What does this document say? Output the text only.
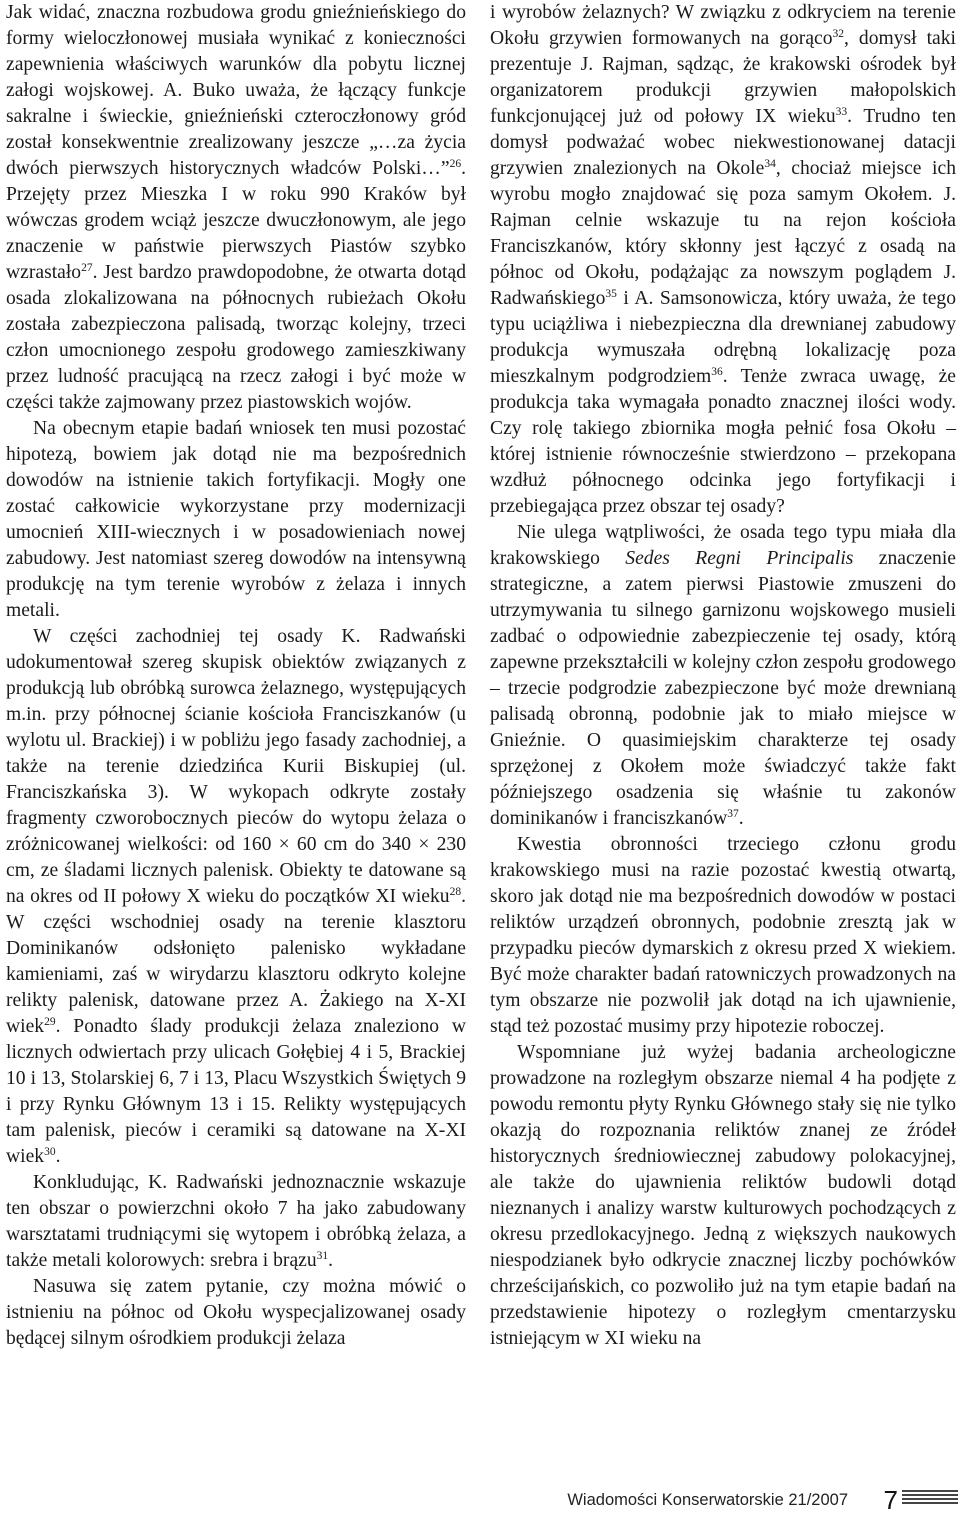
Jak widać, znaczna rozbudowa grodu gnieźnieńskiego do formy wieloczłonowej musiała wynikać z konieczności zapewnienia właściwych warunków dla pobytu licznej załogi wojskowej. A. Buko uważa, że łączący funkcje sakralne i świeckie, gnieźnieński czteroczłonowy gród został konsekwentnie zrealizowany jeszcze „…za życia dwóch pierwszych historycznych władców Polski…”$^{26}$. Przejęty przez Mieszka I w roku 990 Kraków był wówczas grodem wciąż jeszcze dwuczłonowym, ale jego znaczenie w państwie pierwszych Piastów szybko wzrastało$^{27}$. Jest bardzo prawdopodobne, że otwarta dotąd osada zlokalizowana na północnych rubieżach Okołu została zabezpieczona palisadą, tworząc kolejny, trzeci człon umocnionego zespołu grodowego zamieszkiwany przez ludność pracującą na rzecz załogi i być może w części także zajmowany przez piastowskich wojów.

Na obecnym etapie badań wniosek ten musi pozostać hipotezą, bowiem jak dotąd nie ma bezpośrednich dowodów na istnienie takich fortyfikacji. Mogły one zostać całkowicie wykorzystane przy modernizacji umocnień XIII-wiecznych i w posadowieniach nowej zabudowy. Jest natomiast szereg dowodów na intensywną produkcję na tym terenie wyrobów z żelaza i innych metali.

W części zachodniej tej osady K. Radwański udokumentował szereg skupisk obiektów związanych z produkcją lub obróbką surowca żelaznego, występujących m.in. przy północnej ścianie kościoła Franciszkanów (u wylotu ul. Brackiej) i w pobliżu jego fasady zachodniej, a także na terenie dziedzińca Kurii Biskupiej (ul. Franciszkańska 3). W wykopach odkryte zostały fragmenty czworobocznych pieców do wytopu żelaza o zróżnicowanej wielkości: od 160 × 60 cm do 340 × 230 cm, ze śladami licznych palenisk. Obiekty te datowane są na okres od II połowy X wieku do początków XI wieku$^{28}$. W części wschodniej osady na terenie klasztoru Dominikanów odsłonięto palenisko wykładane kamieniami, zaś w wirydarzu klasztoru odkryto kolejne relikty palenisk, datowane przez A. Żakiego na X-XI wiek$^{29}$. Ponadto ślady produkcji żelaza znaleziono w licznych odwiertach przy ulicach Gołębiej 4 i 5, Brackiej 10 i 13, Stolarskiej 6, 7 i 13, Placu Wszystkich Świętych 9 i przy Rynku Głównym 13 i 15. Relikty występujących tam palenisk, pieców i ceramiki są datowane na X-XI wiek$^{30}$.

Konkludując, K. Radwański jednoznacznie wskazuje ten obszar o powierzchni około 7 ha jako zabudowany warsztatami trudniącymi się wytopem i obróbką żelaza, a także metali kolorowych: srebra i brązu$^{31}$.

Nasuwa się zatem pytanie, czy można mówić o istnieniu na północ od Okołu wyspecjalizowanej osady będącej silnym ośrodkiem produkcji żelaza

i wyrobów żelaznych? W związku z odkryciem na terenie Okołu grzywien formowanych na gorąco$^{32}$, domysł taki prezentuje J. Rajman, sądząc, że krakowski ośrodek był organizatorem produkcji grzywien małopolskich funkcjonującej już od połowy IX wieku$^{33}$. Trudno ten domysł podważać wobec niekwestionowanej datacji grzywien znalezionych na Okole$^{34}$, chociaż miejsce ich wyrobu mogło znajdować się poza samym Okołem. J. Rajman celnie wskazuje tu na rejon kościoła Franciszkanów, który skłonny jest łączyć z osadą na północ od Okołu, podążając za nowszym poglądem J. Radwańskiego$^{35}$ i A. Samsonowicza, który uważa, że tego typu uciążliwa i niebezpieczna dla drewnianej zabudowy produkcja wymuszała odrębną lokalizację poza mieszkalnym podgrodziem$^{36}$. Tenże zwraca uwagę, że produkcja taka wymagała ponadto znacznej ilości wody. Czy rolę takiego zbiornika mogła pełnić fosa Okołu – której istnienie równocześnie stwierdzono – przekopana wzdłuż północnego odcinka jego fortyfikacji i przebiegająca przez obszar tej osady?

Nie ulega wątpliwości, że osada tego typu miała dla krakowskiego Sedes Regni Principalis znaczenie strategiczne, a zatem pierwsi Piastowie zmuszeni do utrzymywania tu silnego garnizonu wojskowego musieli zadbać o odpowiednie zabezpieczenie tej osady, którą zapewne przekształcili w kolejny człon zespołu grodowego – trzecie podgrodzie zabezpieczone być może drewnianą palisadą obronną, podobnie jak to miało miejsce w Gnieźnie. O quasimiejskim charakterze tej osady sprzężonej z Okołem może świadczyć także fakt późniejszego osadzenia się właśnie tu zakonów dominikanów i franciszkanów$^{37}$.

Kwestia obronności trzeciego członu grodu krakowskiego musi na razie pozostać kwestią otwartą, skoro jak dotąd nie ma bezpośrednich dowodów w postaci reliktów urządzeń obronnych, podobnie zresztą jak w przypadku pieców dymarskich z okresu przed X wiekiem. Być może charakter badań ratowniczych prowadzonych na tym obszarze nie pozwolił jak dotąd na ich ujawnienie, stąd też pozostać musimy przy hipotezie roboczej.

Wspomniane już wyżej badania archeologiczne prowadzone na rozległym obszarze niemal 4 ha podjęte z powodu remontu płyty Rynku Głównego stały się nie tylko okazją do rozpoznania reliktów znanej ze źródeł historycznych średniowiecznej zabudowy polokacyjnej, ale także do ujawnienia reliktów budowli dotąd nieznanych i analizy warstw kulturowych pochodzących z okresu przedlokacyjnego. Jedną z większych naukowych niespodzianek było odkrycie znacznej liczby pochówków chrześcijańskich, co pozwoliło już na tym etapie badań na przedstawienie hipotezy o rozległym cmentarzysku istniejącym w XI wieku na

Wiadomości Konserwatorskie 21/2007 7
